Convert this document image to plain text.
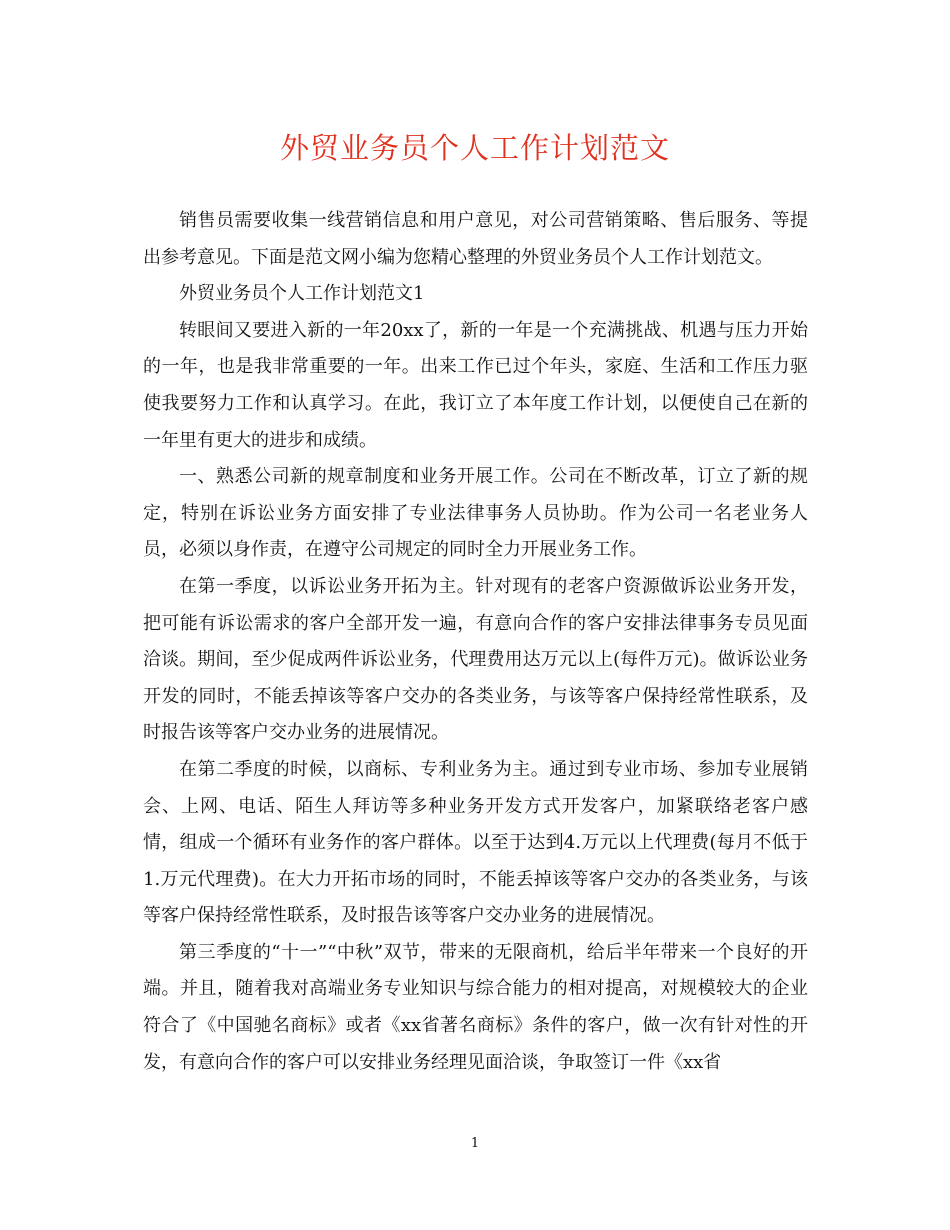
外贸业务员个人工作计划范文

销售员需要收集一线营销信息和用户意见，对公司营销策略、售后服务、等提出参考意见。下面是范文网小编为您精心整理的外贸业务员个人工作计划范文。

外贸业务员个人工作计划范文1

转眼间又要进入新的一年20xx了，新的一年是一个充满挑战、机遇与压力开始的一年，也是我非常重要的一年。出来工作已过个年头，家庭、生活和工作压力驱使我要努力工作和认真学习。在此，我订立了本年度工作计划，以便使自己在新的一年里有更大的进步和成绩。

一、熟悉公司新的规章制度和业务开展工作。公司在不断改革，订立了新的规定，特别在诉讼业务方面安排了专业法律事务人员协助。作为公司一名老业务人员，必须以身作责，在遵守公司规定的同时全力开展业务工作。

在第一季度，以诉讼业务开拓为主。针对现有的老客户资源做诉讼业务开发，把可能有诉讼需求的客户全部开发一遍，有意向合作的客户安排法律事务专员见面洽谈。期间，至少促成两件诉讼业务，代理费用达万元以上(每件万元)。做诉讼业务开发的同时，不能丢掉该等客户交办的各类业务，与该等客户保持经常性联系，及时报告该等客户交办业务的进展情况。

在第二季度的时候，以商标、专利业务为主。通过到专业市场、参加专业展销会、上网、电话、陌生人拜访等多种业务开发方式开发客户，加紧联络老客户感情，组成一个循环有业务作的客户群体。以至于达到4.万元以上代理费(每月不低于1.万元代理费)。在大力开拓市场的同时，不能丢掉该等客户交办的各类业务，与该等客户保持经常性联系，及时报告该等客户交办业务的进展情况。

第三季度的“十一”“中秋”双节，带来的无限商机，给后半年带来一个良好的开端。并且，随着我对高端业务专业知识与综合能力的相对提高，对规模较大的企业符合了《中国驰名商标》或者《xx省著名商标》条件的客户，做一次有针对性的开发，有意向合作的客户可以安排业务经理见面洽谈，争取签订一件《xx省

1
